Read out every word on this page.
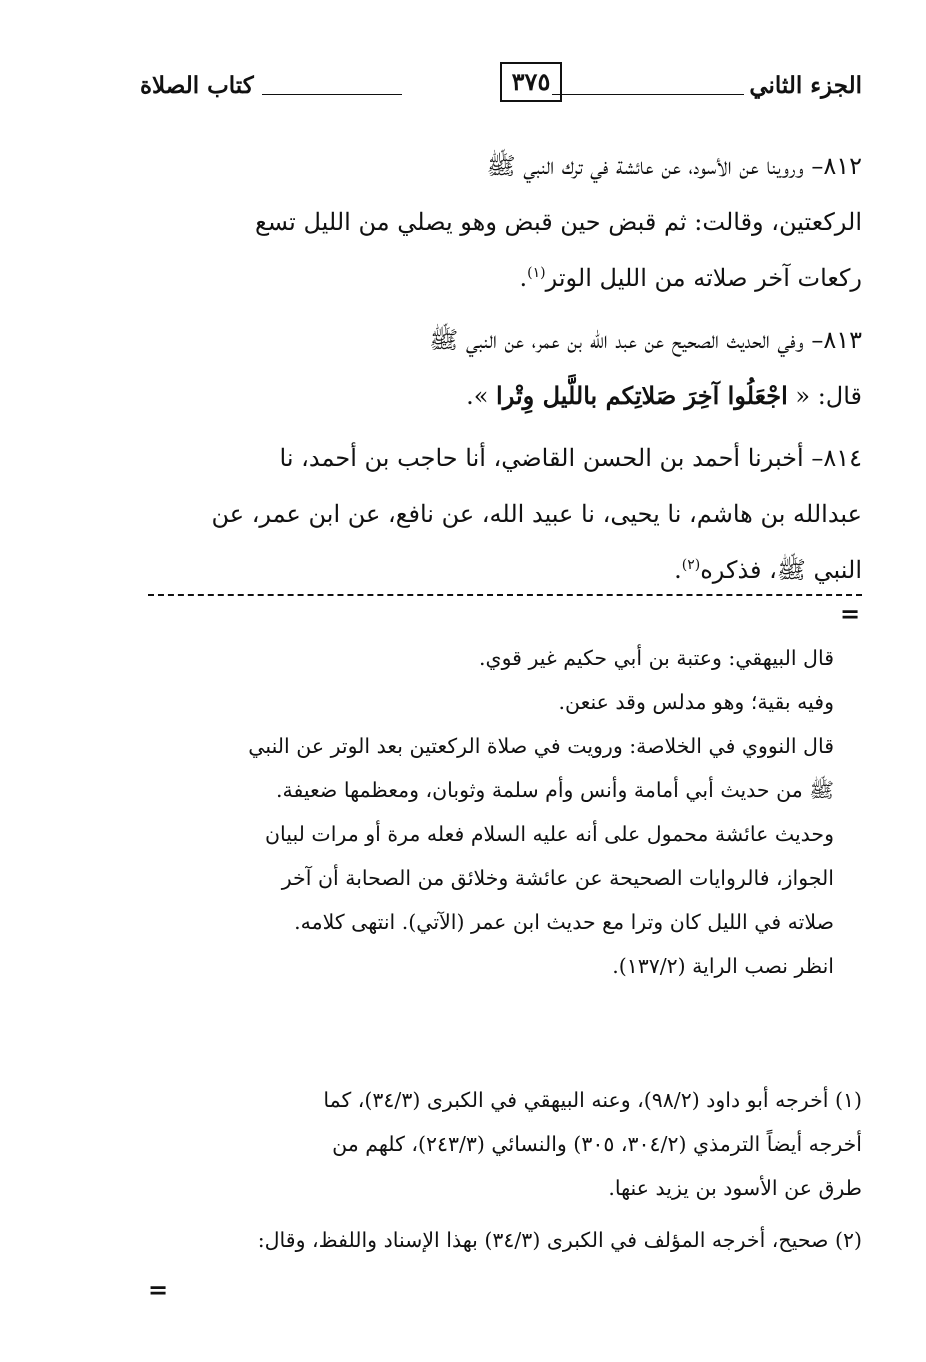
الجزء الثاني
٣٧٥
كتاب الصلاة

٨١٢– وروينا عن الأسود، عن عائشة في ترك النبي ﷺ
الركعتين، وقالت: ثم قبض حين قبض وهو يصلي من الليل تسع
ركعات آخر صلاته من الليل الوتر$^{(١)}$.

٨١٣– وفي الحديث الصحيح عن عبد الله بن عمر، عن النبي ﷺ
قال: « اجْعَلُوا آخِرَ صَلاتِكم باللَّيل وِتْرا ».

٨١٤– أخبرنا أحمد بن الحسن القاضي، أنا حاجب بن أحمد، نا
عبدالله بن هاشم، نا يحيى، نا عبيد الله، عن نافع، عن ابن عمر، عن
النبي ﷺ، فذكره$^{(٢)}$.

=

قال البيهقي: وعتبة بن أبي حكيم غير قوي.

وفيه بقية؛ وهو مدلس وقد عنعن.

قال النووي في الخلاصة: ورويت في صلاة الركعتين بعد الوتر عن النبي

ﷺ من حديث أبي أمامة وأنس وأم سلمة وثوبان، ومعظمها ضعيفة.

وحديث عائشة محمول على أنه عليه السلام فعله مرة أو مرات لبيان

الجواز، فالروايات الصحيحة عن عائشة وخلائق من الصحابة أن آخر

صلاته في الليل كان وترا مع حديث ابن عمر (الآتي). انتهى كلامه.

انظر نصب الراية (١٣٧/٢).

(١) أخرجه أبو داود (٩٨/٢)، وعنه البيهقي في الكبرى (٣٤/٣)، كما
أخرجه أيضاً الترمذي (٣٠٤/٢، ٣٠٥) والنسائي (٢٤٣/٣)، كلهم من
طرق عن الأسود بن يزيد عنها.

(٢) صحيح، أخرجه المؤلف في الكبرى (٣٤/٣) بهذا الإسناد واللفظ، وقال:

=
